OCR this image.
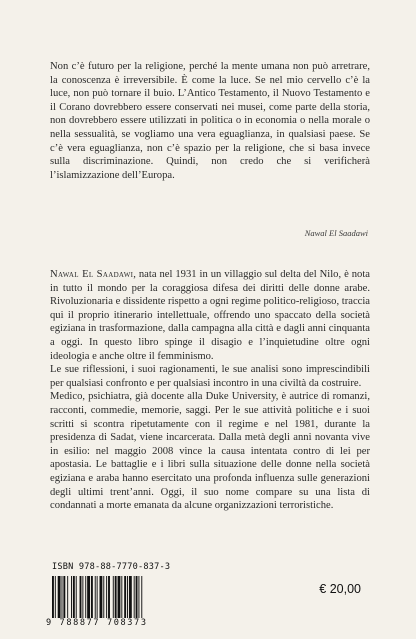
Non c’è futuro per la religione, perché la mente umana non può arretrare, la conoscenza è irreversibile. È come la luce. Se nel mio cervello c’è la luce, non può tornare il buio. L’Antico Testamento, il Nuovo Testamento e il Corano dovrebbero essere conservati nei musei, come parte della storia, non dovrebbero essere utilizzati in politica o in economia o nella morale o nella sessualità, se vogliamo una vera eguaglianza, in qualsiasi paese. Se c’è vera eguaglianza, non c’è spazio per la religione, che si basa invece sulla discriminazione. Quindi, non credo che si verificherà l’islamizzazione dell’Europa.

Nawal El Saadawi

Nawal El Saadawi, nata nel 1931 in un villaggio sul delta del Nilo, è nota in tutto il mondo per la coraggiosa difesa dei diritti delle donne arabe. Rivoluzionaria e dissidente rispetto a ogni regime politico-religioso, traccia qui il proprio itinerario intellettuale, offrendo uno spaccato della società egiziana in trasformazione, dalla campagna alla città e dagli anni cinquanta a oggi. In questo libro spinge il disagio e l’inquietudine oltre ogni ideologia e anche oltre il femminismo.

Le sue riflessioni, i suoi ragionamenti, le sue analisi sono imprescindibili per qualsiasi confronto e per qualsiasi incontro in una civiltà da costruire.

Medico, psichiatra, già docente alla Duke University, è autrice di romanzi, racconti, commedie, memorie, saggi. Per le sue attività politiche e i suoi scritti si scontra ripetutamente con il regime e nel 1981, durante la presidenza di Sadat, viene incarcerata. Dalla metà degli anni novanta vive in esilio: nel maggio 2008 vince la causa intentata contro di lei per apostasia. Le battaglie e i libri sulla situazione delle donne nella società egiziana e araba hanno esercitato una profonda influenza sulle generazioni degli ultimi trent’anni. Oggi, il suo nome compare su una lista di condannati a morte emanata da alcune organizzazioni terroristiche.

ISBN 978-88-7770-837-3
9 788877 708373
€ 20,00
